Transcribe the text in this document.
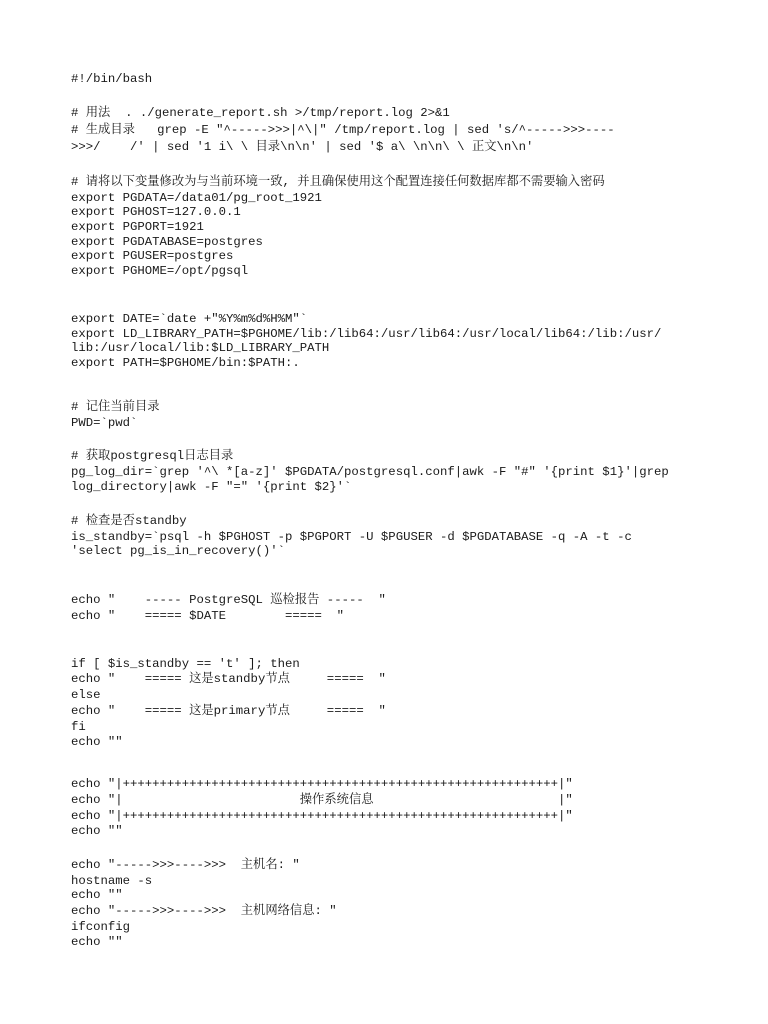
#!/bin/bash
# 用法  . ./generate_report.sh >/tmp/report.log 2>&1
# 生成目录   grep -E "^----->>>|^\|" /tmp/report.log | sed 's/^----->>>----
>>>/    /' | sed '1 i\ \ 目录\n\n' | sed '$ a\ \n\n\ \ 正文\n\n'
# 请将以下变量修改为与当前环境一致, 并且确保使用这个配置连接任何数据库都不需要输入密码
export PGDATA=/data01/pg_root_1921
export PGHOST=127.0.0.1
export PGPORT=1921
export PGDATABASE=postgres
export PGUSER=postgres
export PGHOME=/opt/pgsql
export DATE=`date +"%Y%m%d%H%M"`
export LD_LIBRARY_PATH=$PGHOME/lib:/lib64:/usr/lib64:/usr/local/lib64:/lib:/usr/
lib:/usr/local/lib:$LD_LIBRARY_PATH
export PATH=$PGHOME/bin:$PATH:.
# 记住当前目录
PWD=`pwd`
# 获取postgresql日志目录
pg_log_dir=`grep '^\ *[a-z]' $PGDATA/postgresql.conf|awk -F "#" '{print $1}'|grep
log_directory|awk -F "=" '{print $2}'`
# 检查是否standby
is_standby=`psql -h $PGHOST -p $PGPORT -U $PGUSER -d $PGDATABASE -q -A -t -c
'select pg_is_in_recovery()'`
echo "    ----- PostgreSQL 巡检报告 -----  "
echo "    ===== $DATE        =====  "
if [ $is_standby == 't' ]; then
echo "    ===== 这是standby节点     =====  "
else
echo "    ===== 这是primary节点     =====  "
fi
echo ""
echo "|+++++++++++++++++++++++++++++++++++++++++++++++++++++++++++|"
echo "|                        操作系统信息                         |"
echo "|+++++++++++++++++++++++++++++++++++++++++++++++++++++++++++|"
echo ""
echo "----->>>---->>>  主机名: "
hostname -s
echo ""
echo "----->>>---->>>  主机网络信息: "
ifconfig
echo ""
